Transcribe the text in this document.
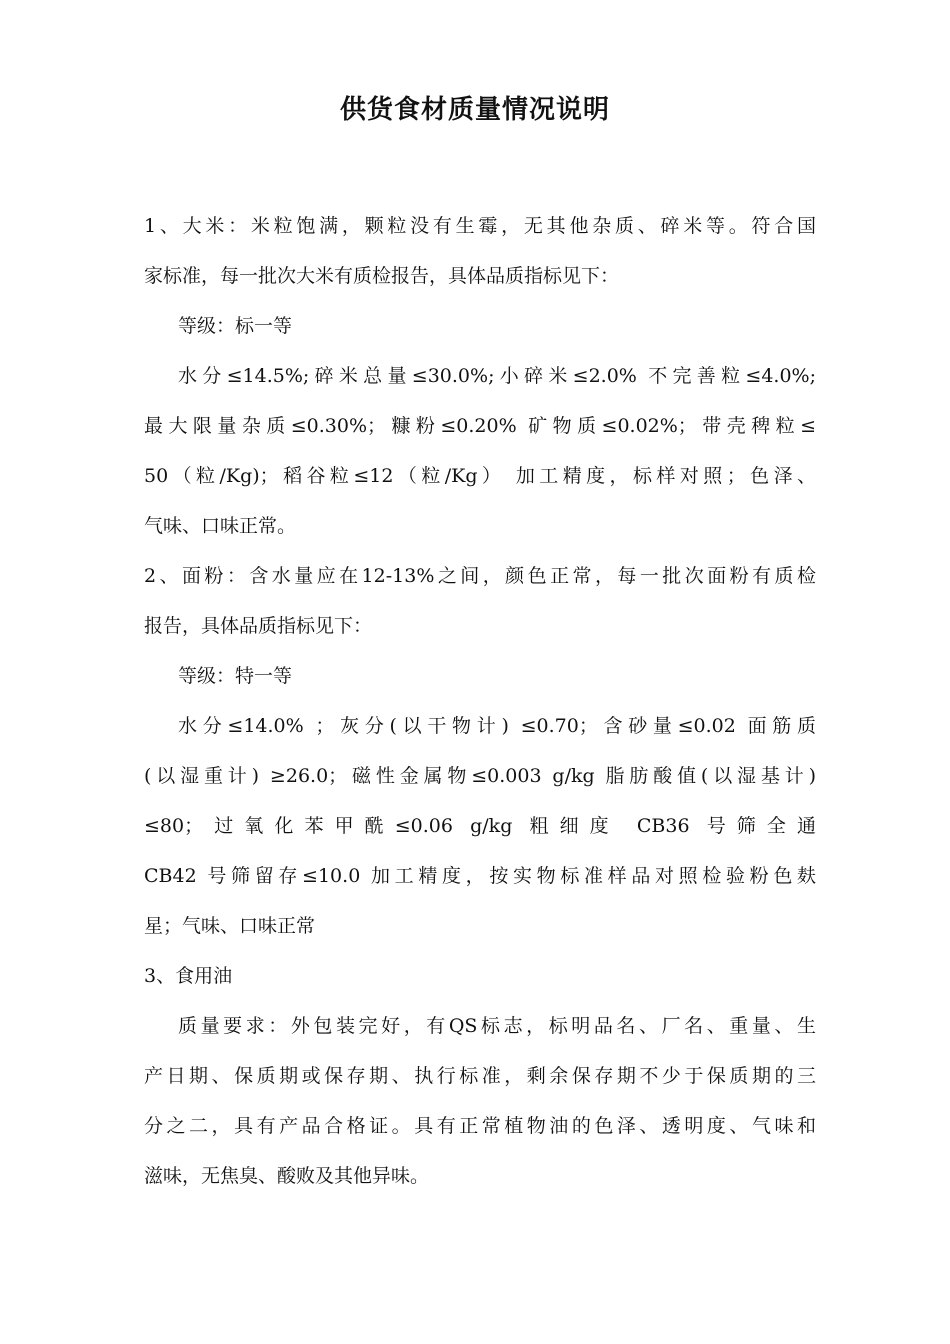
供货食材质量情况说明
1、大米：米粒饱满，颗粒没有生霉，无其他杂质、碎米等。符合国
家标准，每一批次大米有质检报告，具体品质指标见下：
等级：标一等
水分≤14.5%;碎米总量≤30.0%;小碎米≤2.0% 不完善粒≤4.0%;
最大限量杂质≤0.30%；糠粉≤0.20% 矿物质≤0.02%；带壳稗粒≤
50（粒/Kg)；稻谷粒≤12（粒/Kg） 加工精度，标样对照；色泽、
气味、口味正常。
2、面粉：含水量应在12-13%之间，颜色正常，每一批次面粉有质检
报告，具体品质指标见下：
等级：特一等
水分≤14.0% ；灰分(以干物计) ≤0.70；含砂量≤0.02 面筋质
(以湿重计) ≥26.0；磁性金属物≤0.003 g/kg 脂肪酸值(以湿基计)
≤80；过氧化苯甲酰≤0.06 g/kg 粗细度 CB36 号筛全通
CB42 号筛留存≤10.0 加工精度，按实物标准样品对照检验粉色麸
星；气味、口味正常
3、食用油
质量要求：外包装完好，有QS标志，标明品名、厂名、重量、生
产日期、保质期或保存期、执行标准，剩余保存期不少于保质期的三
分之二，具有产品合格证。具有正常植物油的色泽、透明度、气味和
滋味，无焦臭、酸败及其他异味。
